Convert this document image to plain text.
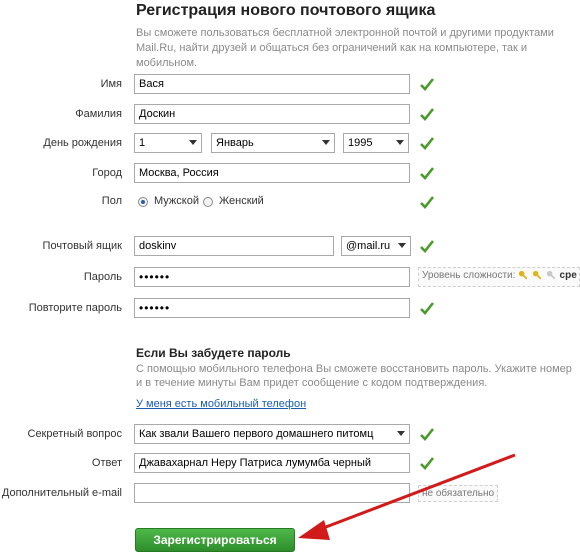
Регистрация нового почтового ящика
Вы сможете пользоваться бесплатной электронной почтой и другими продуктами Mail.Ru, найти друзей и общаться без ограничений как на компьютере, так и мобильном.
Имя	Вася
Фамилия	Доскин
День рождения	1	Январь	1995
Город	Москва, Россия
Пол	Мужской Женский
Почтовый ящик	doskinv	@mail.ru
Пароль	••••••	Уровень сложности:	сре
Повторите пароль	••••••
Если Вы забудете пароль
С помощью мобильного телефона Вы сможете восстановить пароль. Укажите номер и в течение минуты Вам придет сообщение с кодом подтверждения.
У меня есть мобильный телефон
Секретный вопрос	Как звали Вашего первого домашнего питомц
Ответ	Джавахарнал Неру Патриса лумумба черный
Дополнительный e-mail	не обязательно
Зарегистрироваться
